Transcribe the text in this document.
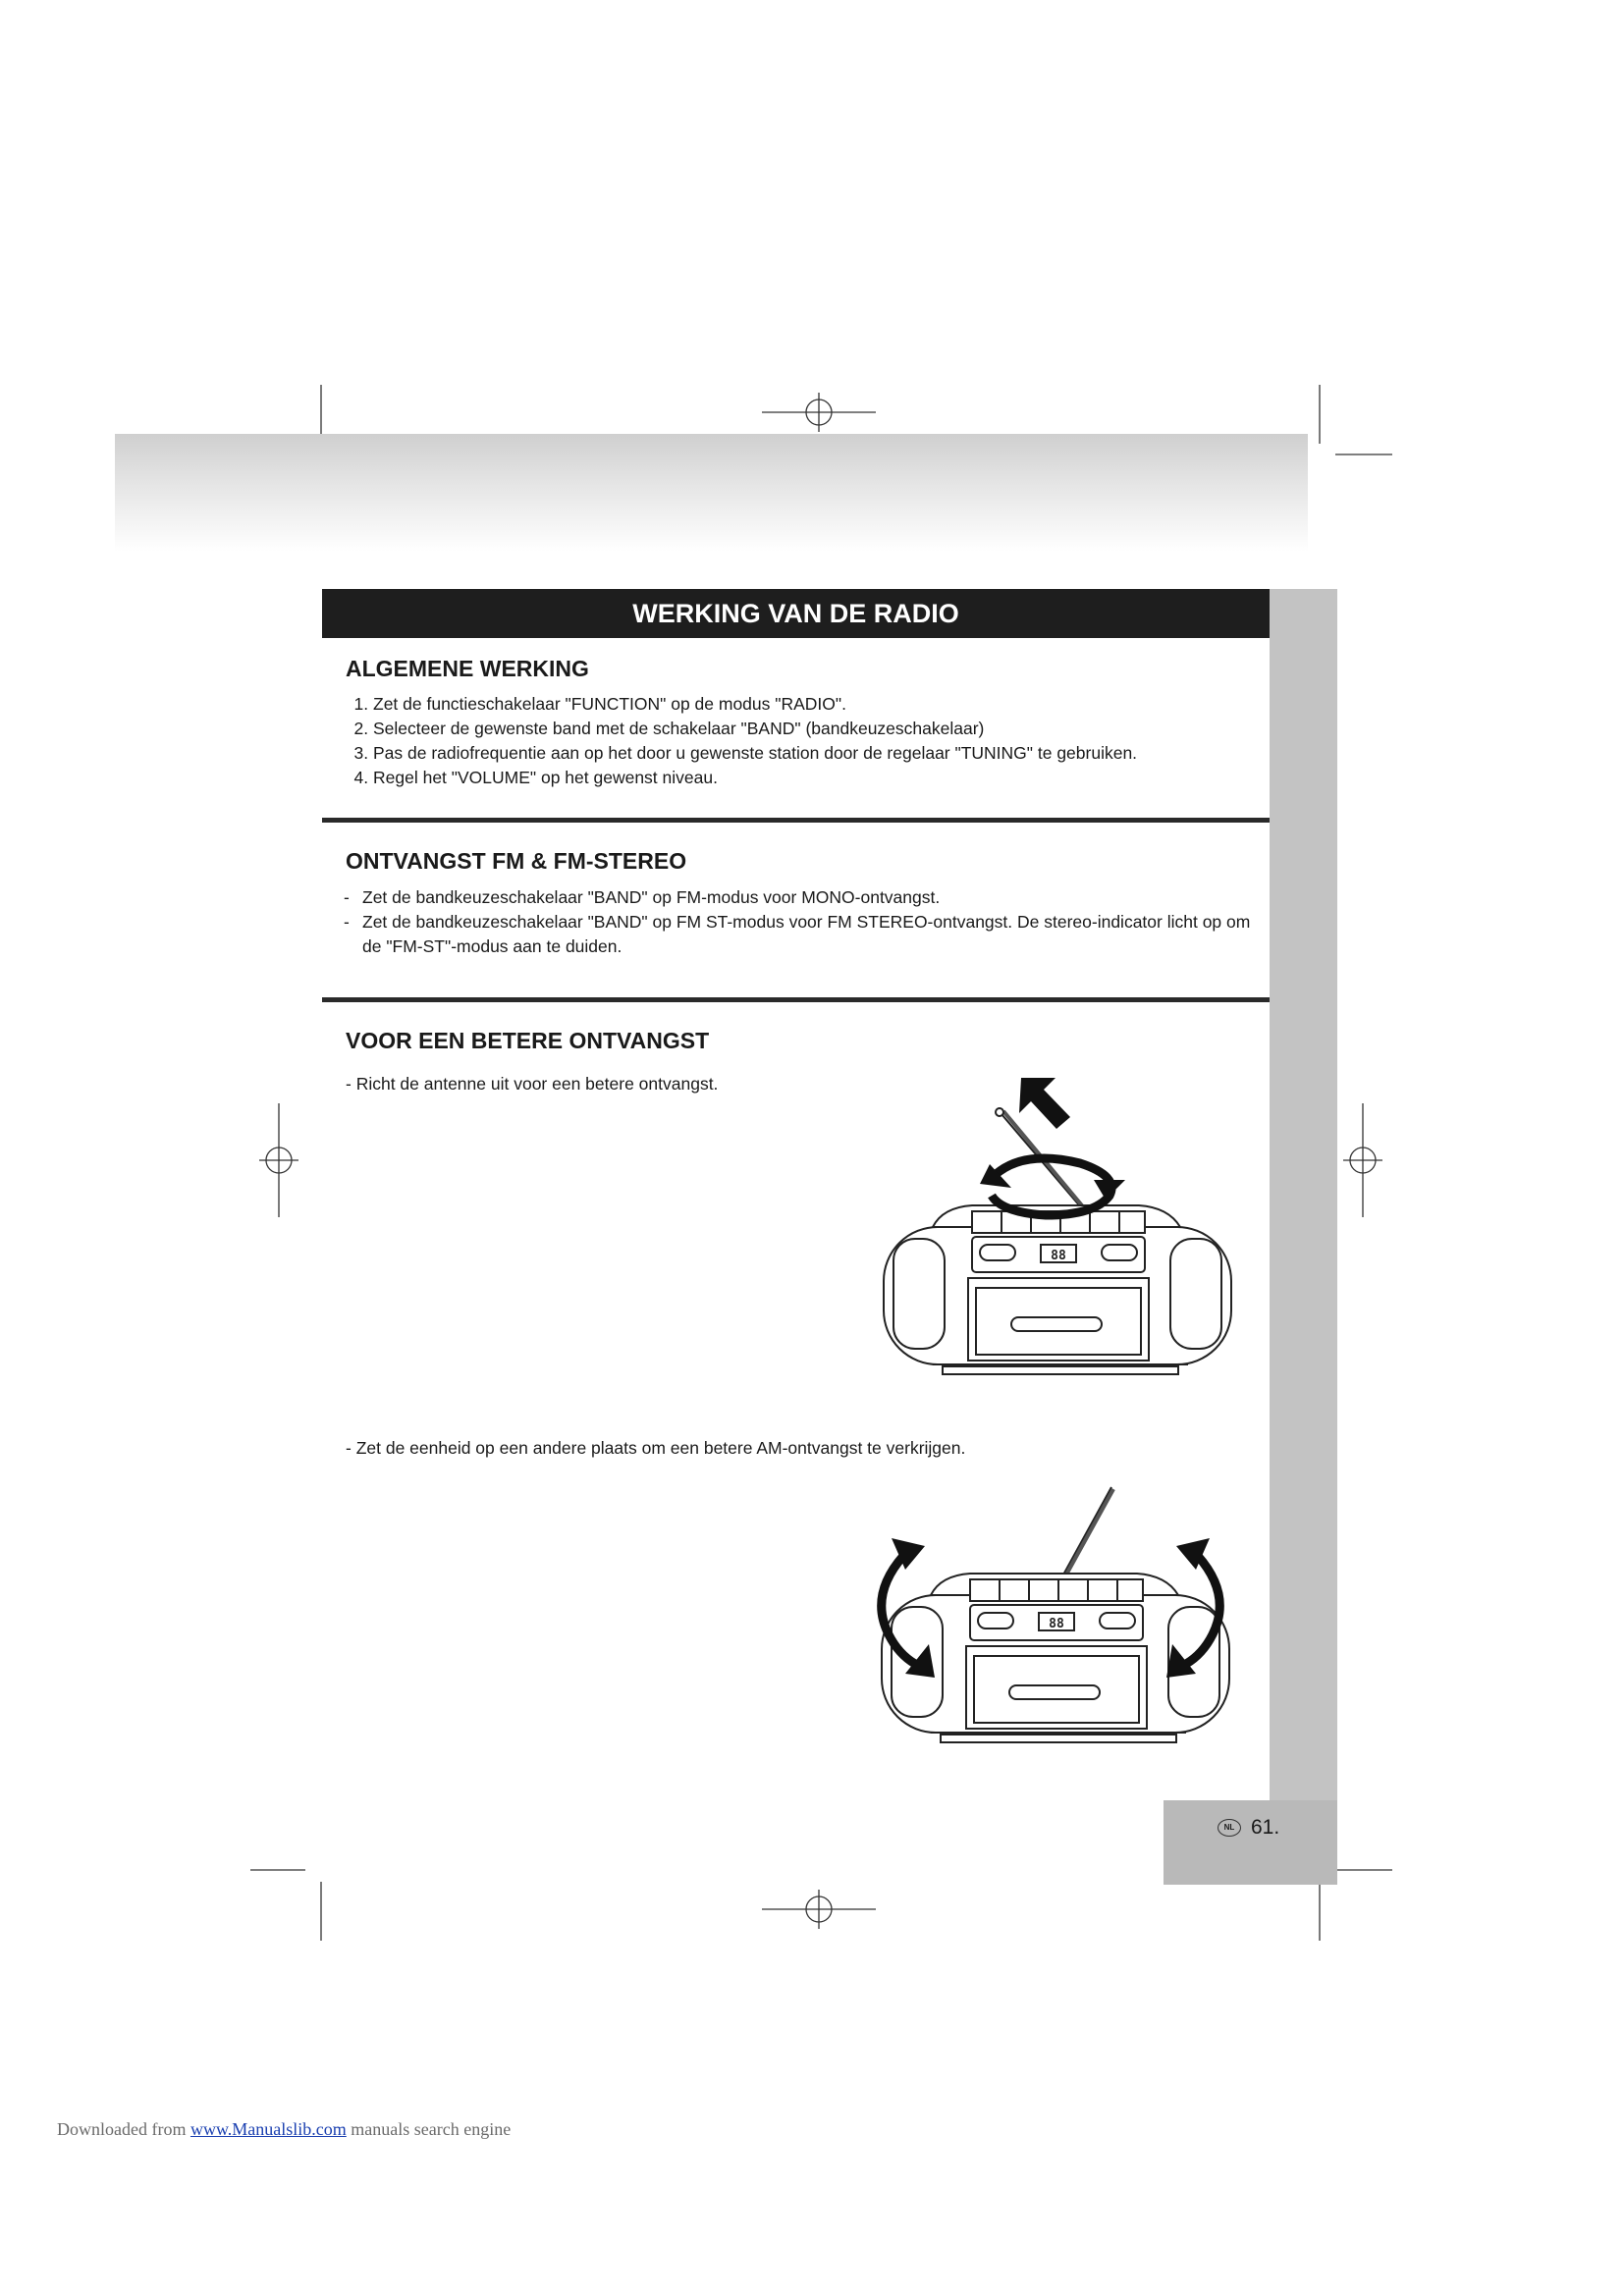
NL 61.
WERKING VAN DE RADIO
ALGEMENE WERKING
1. Zet de functieschakelaar "FUNCTION" op de modus "RADIO".
2. Selecteer de gewenste band met de schakelaar "BAND" (bandkeuzeschakelaar)
3. Pas de radiofrequentie aan op het door u gewenste station door de regelaar "TUNING" te gebruiken.
4. Regel het "VOLUME" op het gewenst niveau.
ONTVANGST FM & FM-STEREO
- Zet de bandkeuzeschakelaar "BAND" op FM-modus voor MONO-ontvangst.
- Zet de bandkeuzeschakelaar "BAND" op FM ST-modus voor FM STEREO-ontvangst. De stereo-indicator licht op om de "FM-ST"-modus aan te duiden.
VOOR EEN BETERE ONTVANGST
- Richt de antenne uit voor een betere ontvangst.
- Zet de eenheid op een andere plaats om een betere AM-ontvangst te verkrijgen.
88
88
Downloaded from www.Manualslib.com manuals search engine
